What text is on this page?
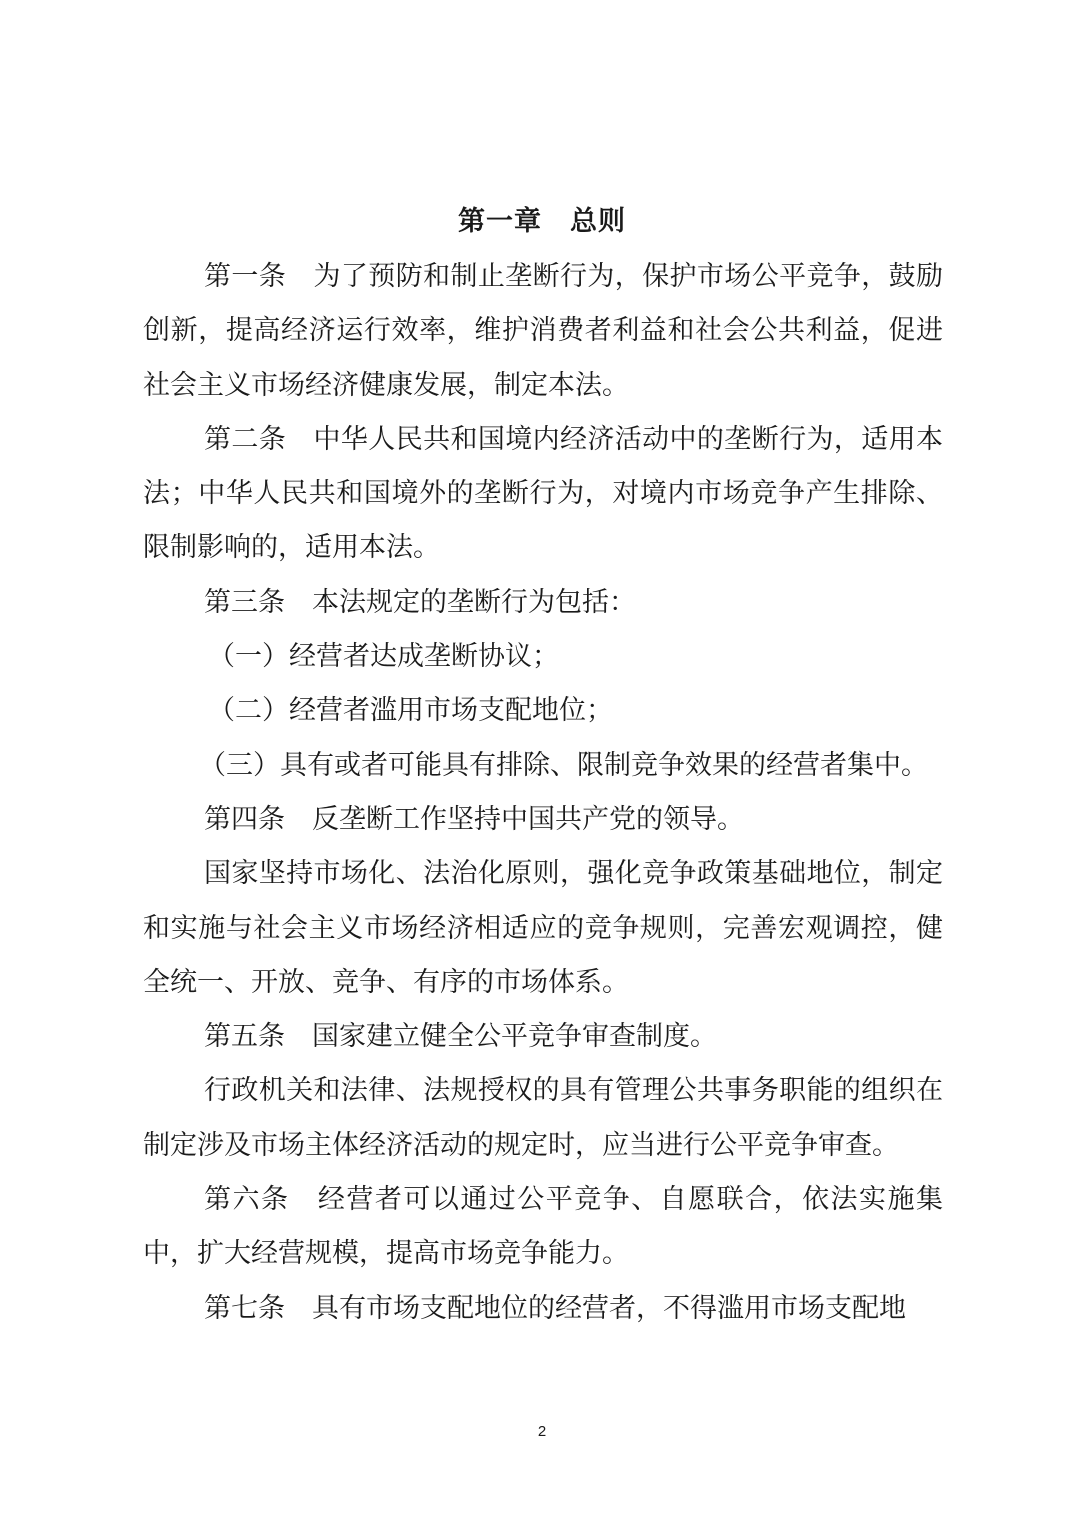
第一章　总则

第一条　为了预防和制止垄断行为，保护市场公平竞争，鼓励创新，提高经济运行效率，维护消费者利益和社会公共利益，促进社会主义市场经济健康发展，制定本法。

第二条　中华人民共和国境内经济活动中的垄断行为，适用本法；中华人民共和国境外的垄断行为，对境内市场竞争产生排除、限制影响的，适用本法。

第三条　本法规定的垄断行为包括：

（一）经营者达成垄断协议；

（二）经营者滥用市场支配地位；

（三）具有或者可能具有排除、限制竞争效果的经营者集中。

第四条　反垄断工作坚持中国共产党的领导。

国家坚持市场化、法治化原则，强化竞争政策基础地位，制定和实施与社会主义市场经济相适应的竞争规则，完善宏观调控，健全统一、开放、竞争、有序的市场体系。

第五条　国家建立健全公平竞争审查制度。

行政机关和法律、法规授权的具有管理公共事务职能的组织在制定涉及市场主体经济活动的规定时，应当进行公平竞争审查。

第六条　经营者可以通过公平竞争、自愿联合，依法实施集中，扩大经营规模，提高市场竞争能力。

第七条　具有市场支配地位的经营者，不得滥用市场支配地

2
